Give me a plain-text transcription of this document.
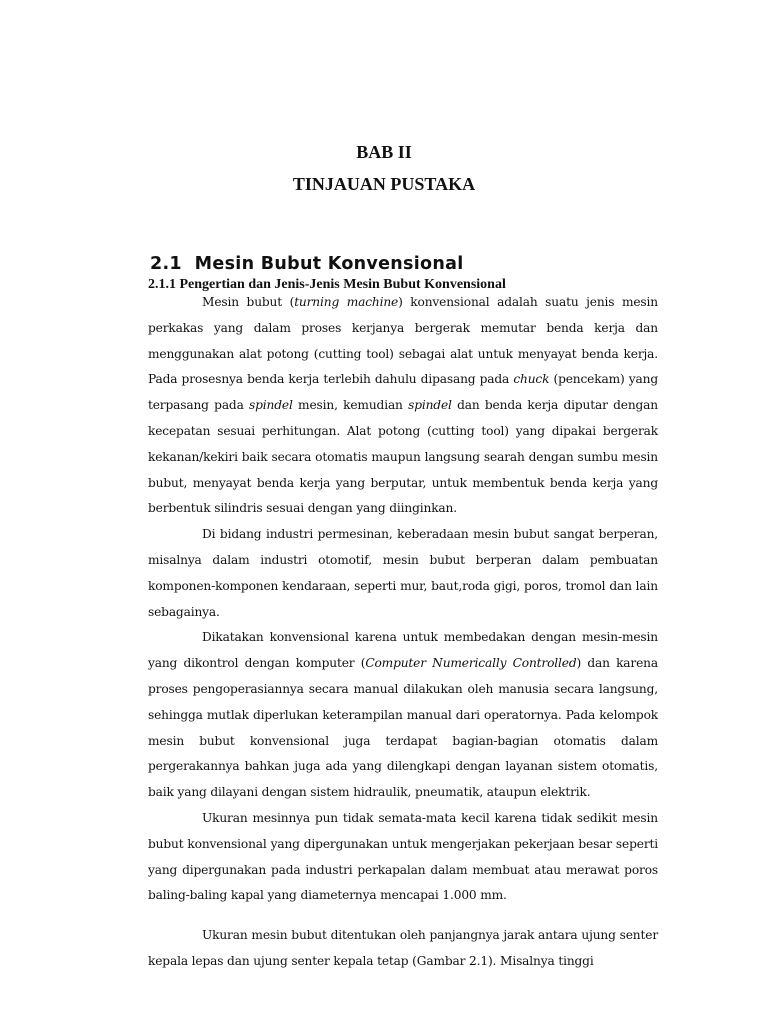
BAB II
TINJAUAN PUSTAKA
2.1  Mesin Bubut Konvensional
2.1.1 Pengertian dan Jenis-Jenis Mesin Bubut Konvensional

Mesin bubut (turning machine) konvensional adalah suatu jenis mesin perkakas yang dalam proses kerjanya bergerak memutar benda kerja dan menggunakan alat potong (cutting tool) sebagai alat untuk menyayat benda kerja. Pada prosesnya benda kerja terlebih dahulu dipasang pada chuck (pencekam) yang terpasang pada spindel mesin, kemudian spindel dan benda kerja diputar dengan kecepatan sesuai perhitungan. Alat potong (cutting tool) yang dipakai bergerak kekanan/kekiri baik secara otomatis maupun langsung searah dengan sumbu mesin bubut, menyayat benda kerja yang berputar, untuk membentuk benda kerja yang berbentuk silindris sesuai dengan yang diinginkan.

Di bidang industri permesinan, keberadaan mesin bubut sangat berperan, misalnya dalam industri otomotif, mesin bubut berperan dalam pembuatan komponen-komponen kendaraan, seperti mur, baut,roda gigi, poros, tromol dan lain sebagainya.

Dikatakan konvensional karena untuk membedakan dengan mesin-mesin yang dikontrol dengan komputer (Computer Numerically Controlled) dan karena proses pengoperasiannya secara manual dilakukan oleh manusia secara langsung, sehingga mutlak diperlukan keterampilan manual dari operatornya. Pada kelompok mesin bubut konvensional juga terdapat bagian-bagian otomatis dalam pergerakannya bahkan juga ada yang dilengkapi dengan layanan sistem otomatis, baik yang dilayani dengan sistem hidraulik, pneumatik, ataupun elektrik.

Ukuran mesinnya pun tidak semata-mata kecil karena tidak sedikit mesin bubut konvensional yang dipergunakan untuk mengerjakan pekerjaan besar seperti yang dipergunakan pada industri perkapalan dalam membuat atau merawat poros baling-baling kapal yang diameternya mencapai 1.000 mm.

Ukuran mesin bubut ditentukan oleh panjangnya jarak antara ujung senter kepala lepas dan ujung senter kepala tetap (Gambar 2.1). Misalnya tinggi
